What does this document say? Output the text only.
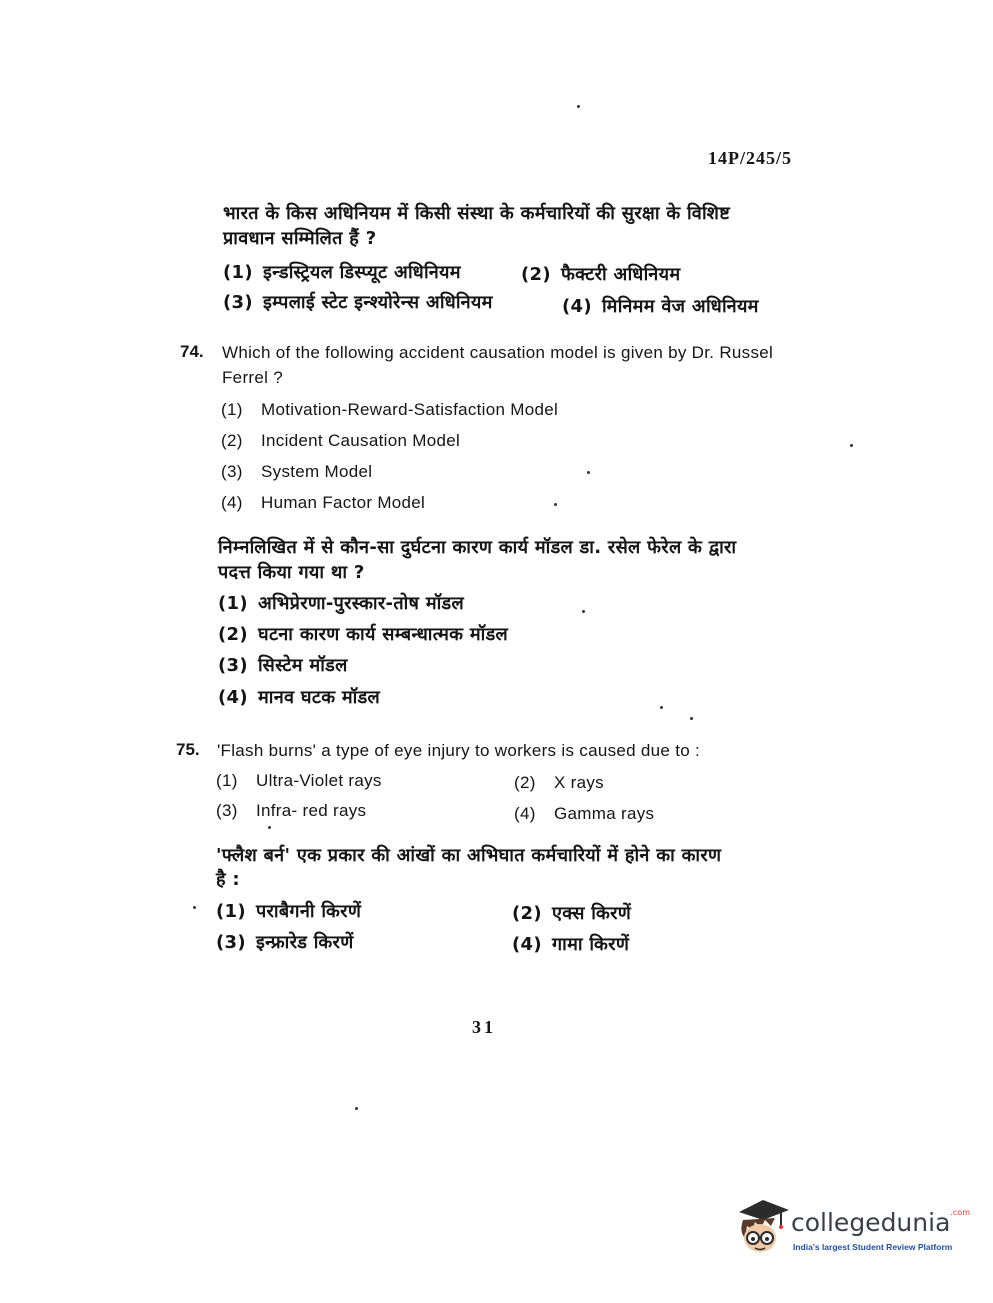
14P/245/5
भारत के किस अधिनियम में किसी संस्था के कर्मचारियों की सुरक्षा के विशिष्ट
प्रावधान सम्मिलित हैं ?
(1) इन्डस्ट्रियल डिस्प्यूट अधिनियम	(2) फैक्टरी अधिनियम
(3) इम्पलाई स्टेट इन्श्योरेन्स अधिनियम	(4) मिनिमम वेज अधिनियम
74. Which of the following accident causation model is given by Dr. Russel
Ferrel ?
(1) Motivation-Reward-Satisfaction Model
(2) Incident Causation Model
(3) System Model
(4) Human Factor Model
निम्नलिखित में से कौन-सा दुर्घटना कारण कार्य मॉडल डा. रसेल फेरेल के द्वारा
पदत्त किया गया था ?
(1) अभिप्रेरणा-पुरस्कार-तोष मॉडल
(2) घटना कारण कार्य सम्बन्धात्मक मॉडल
(3) सिस्टेम मॉडल
(4) मानव घटक मॉडल
75. 'Flash burns' a type of eye injury to workers is caused due to :
(1) Ultra-Violet rays	(2) X rays
(3) Infra- red rays	(4) Gamma rays
'फ्लैश बर्न' एक प्रकार की आंखों का अभिघात कर्मचारियों में होने का कारण
है :
(1) पराबैगनी किरणें	(2) एक्स किरणें
(3) इन्फ्रारेड किरणें	(4) गामा किरणें
31
collegedunia$^{.com}$
India's largest Student Review Platform
